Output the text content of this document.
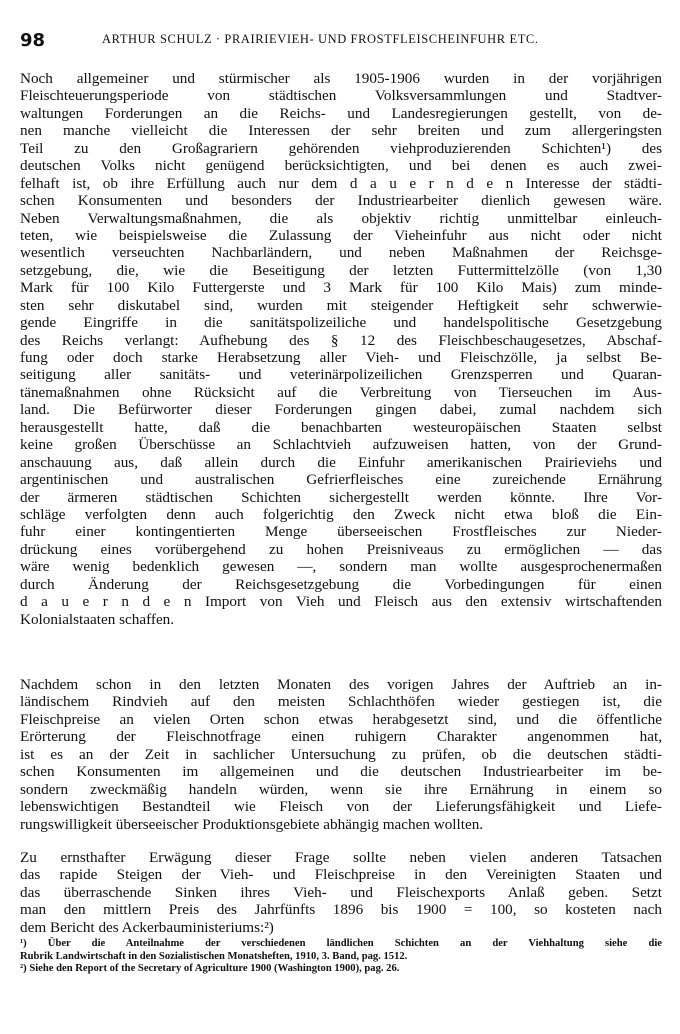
98	ARTHUR SCHULZ · PRAIRIEVIEH- UND FROSTFLEISCHEINFUHR ETC.
Noch allgemeiner und stürmischer als 1905-1906 wurden in der vorjährigen
Fleischteuerungsperiode von städtischen Volksversammlungen und Stadtver-
waltungen Forderungen an die Reichs- und Landesregierungen gestellt, von de-
nen manche vielleicht die Interessen der sehr breiten und zum allergeringsten
Teil zu den Großagrariern gehörenden viehproduzierenden Schichten¹) des
deutschen Volks nicht genügend berücksichtigten, und bei denen es auch zwei-
felhaft ist, ob ihre Erfüllung auch nur dem d a u e r n d e n Interesse der städti-
schen Konsumenten und besonders der Industriearbeiter dienlich gewesen wäre.
Neben Verwaltungsmaßnahmen, die als objektiv richtig unmittelbar einleuch-
teten, wie beispielsweise die Zulassung der Vieheinfuhr aus nicht oder nicht
wesentlich verseuchten Nachbarländern, und neben Maßnahmen der Reichsge-
setzgebung, die, wie die Beseitigung der letzten Futtermittelzölle (von 1,30
Mark für 100 Kilo Futtergerste und 3 Mark für 100 Kilo Mais) zum minde-
sten sehr diskutabel sind, wurden mit steigender Heftigkeit sehr schwerwie-
gende Eingriffe in die sanitätspolizeiliche und handelspolitische Gesetzgebung
des Reichs verlangt: Aufhebung des § 12 des Fleischbeschaugesetzes, Abschaf-
fung oder doch starke Herabsetzung aller Vieh- und Fleischzölle, ja selbst Be-
seitigung aller sanitäts- und veterinärpolizeilichen Grenzsperren und Quaran-
tänemaßnahmen ohne Rücksicht auf die Verbreitung von Tierseuchen im Aus-
land. Die Befürworter dieser Forderungen gingen dabei, zumal nachdem sich
herausgestellt hatte, daß die benachbarten westeuropäischen Staaten selbst
keine großen Überschüsse an Schlachtvieh aufzuweisen hatten, von der Grund-
anschauung aus, daß allein durch die Einfuhr amerikanischen Prairieviehs und
argentinischen und australischen Gefrierfleisches eine zureichende Ernährung
der ärmeren städtischen Schichten sichergestellt werden könnte. Ihre Vor-
schläge verfolgten denn auch folgerichtig den Zweck nicht etwa bloß die Ein-
fuhr einer kontingentierten Menge überseeischen Frostfleisches zur Nieder-
drückung eines vorübergehend zu hohen Preisniveaus zu ermöglichen — das
wäre wenig bedenklich gewesen —, sondern man wollte ausgesprochenermaßen
durch Änderung der Reichsgesetzgebung die Vorbedingungen für einen
d a u e r n d e n Import von Vieh und Fleisch aus den extensiv wirtschaftenden
Kolonialstaaten schaffen.
Nachdem schon in den letzten Monaten des vorigen Jahres der Auftrieb an in-
ländischem Rindvieh auf den meisten Schlachthöfen wieder gestiegen ist, die
Fleischpreise an vielen Orten schon etwas herabgesetzt sind, und die öffentliche
Erörterung der Fleischnotfrage einen ruhigern Charakter angenommen hat,
ist es an der Zeit in sachlicher Untersuchung zu prüfen, ob die deutschen städti-
schen Konsumenten im allgemeinen und die deutschen Industriearbeiter im be-
sondern zweckmäßig handeln würden, wenn sie ihre Ernährung in einem so
lebenswichtigen Bestandteil wie Fleisch von der Lieferungsfähigkeit und Liefe-
rungswilligkeit überseeischer Produktionsgebiete abhängig machen wollten.
Zu ernsthafter Erwägung dieser Frage sollte neben vielen anderen Tatsachen
das rapide Steigen der Vieh- und Fleischpreise in den Vereinigten Staaten und
das überraschende Sinken ihres Vieh- und Fleischexports Anlaß geben. Setzt
man den mittlern Preis des Jahrfünfts 1896 bis 1900 = 100, so kosteten nach
dem Bericht des Ackerbauministeriums:²)
¹) Über die Anteilnahme der verschiedenen ländlichen Schichten an der Viehhaltung siehe die
Rubrik Landwirtschaft in den Sozialistischen Monatsheften, 1910, 3. Band, pag. 1512.
²) Siehe den Report of the Secretary of Agriculture 1900 (Washington 1900), pag. 26.
